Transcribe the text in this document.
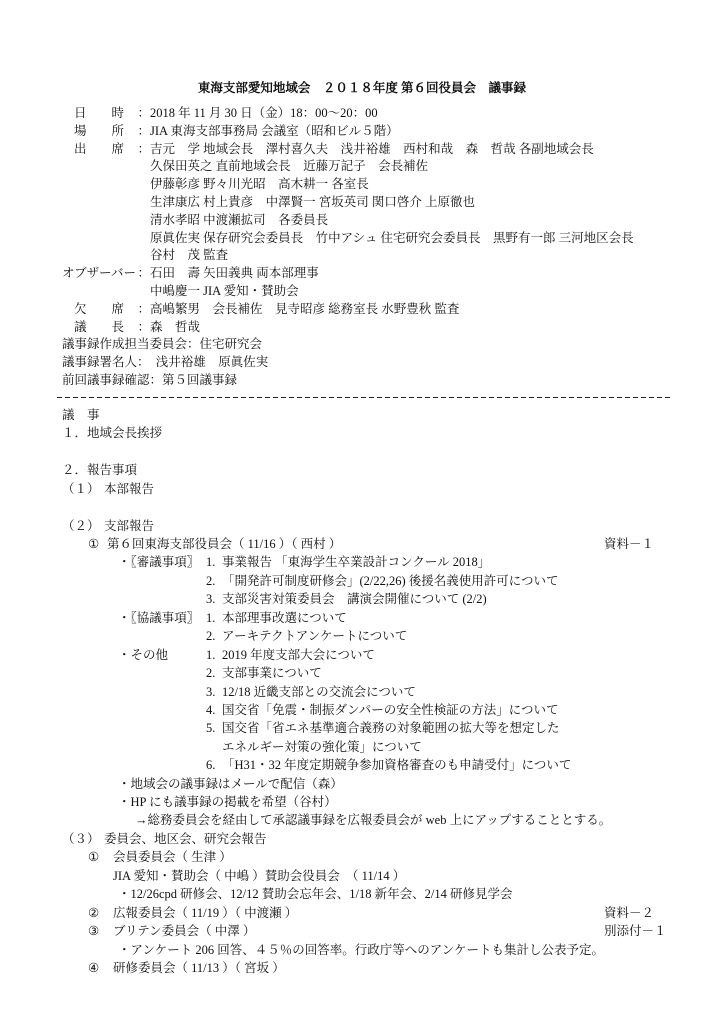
東海支部愛知地域会　２０１８年度 第６回役員会　議事録
日　　時 ： 2018 年 11 月 30 日（金）18：00〜20：00
場　　所 ： JIA 東海支部事務局 会議室（昭和ビル５階）
出　　席 ： 吉元　学 地域会長　澤村喜久夫　浅井裕雄　西村和哉　森　哲哉 各副地域会長
久保田英之 直前地域会長　近藤万記子　会長補佐
伊藤彰彦 野々川光昭　高木耕一 各室長
生津康広 村上貴彦　中澤賢一 宮坂英司 関口啓介 上原徹也
清水孝昭 中渡瀬拡司　各委員長
原眞佐実 保存研究会委員長　竹中アシュ 住宅研究会委員長　黒野有一郎 三河地区会長
谷村　茂 監査
オブザーバー ： 石田　壽 矢田義典 両本部理事
中嶋慶一 JIA 愛知・賛助会
欠　　席 ： 高嶋繁男　会長補佐　見寺昭彦 総務室長 水野豊秋 監査
議　　長 ： 森　哲哉
議事録作成担当委員会：住宅研究会
議事録署名人：　浅井裕雄　原眞佐実
前回議事録確認：第５回議事録
議　事
１．地域会長挨拶
２．報告事項
（１） 本部報告
（２） 支部報告
① 第６回東海支部役員会（ 11/16 ）（ 西村 ）	資料－１
・〖審議事項〗 1. 事業報告 「東海学生卒業設計コンクール 2018」
2. 「開発許可制度研修会」(2/22,26) 後援名義使用許可について
3. 支部災害対策委員会　講演会開催について (2/2)
・〖協議事項〗 1. 本部理事改選について
2. アーキテクトアンケートについて
・その他	1. 2019 年度支部大会について
2. 支部事業について
3. 12/18 近畿支部との交流会について
4. 国交省「免震・制振ダンパーの安全性検証の方法」について
5. 国交省「省エネ基準適合義務の対象範囲の拡大等を想定した
エネルギー対策の強化策」について
6. 「H31・32 年度定期競争参加資格審査のも申請受付」について
・地域会の議事録はメールで配信（森）
・HP にも議事録の掲載を希望（谷村）
→総務委員会を経由して承認議事録を広報委員会が web 上にアップすることとする。
（３） 委員会、地区会、研究会報告
① 会員委員会（ 生津 ）
JIA 愛知・賛助会（ 中嶋 ）賛助会役員会　（ 11/14 ）
・12/26cpd 研修会、12/12 賛助会忘年会、1/18 新年会、2/14 研修見学会
② 広報委員会（ 11/19 ）（ 中渡瀬 ）	資料－２
③ ブリテン委員会（ 中澤 ）	別添付－１
・アンケート 206 回答、４５％の回答率。行政庁等へのアンケートも集計し公表予定。
④ 研修委員会（ 11/13 ）（ 宮坂 ）
